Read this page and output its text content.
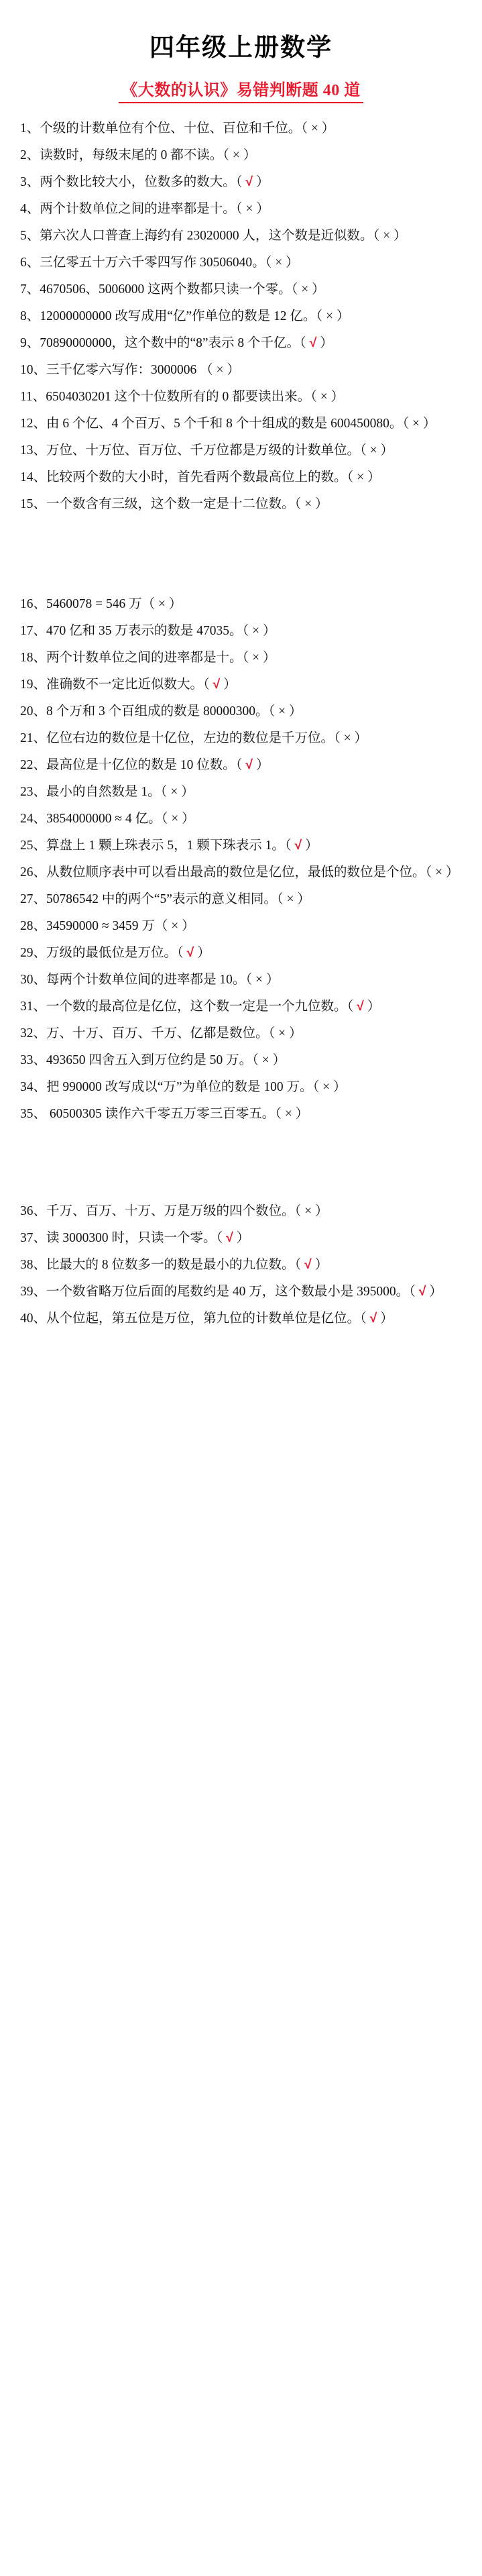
四年级上册数学
《大数的认识》易错判断题 40 道

1、个级的计数单位有个位、十位、百位和千位。（ × ）

2、读数时，每级末尾的 0 都不读。（ × ）

3、两个数比较大小，位数多的数大。（ √ ）

4、两个计数单位之间的进率都是十。（ × ）

5、第六次人口普查上海约有 23020000 人，这个数是近似数。（ × ）

6、三亿零五十万六千零四写作 30506040。（ × ）

7、4670506、5006000 这两个数都只读一个零。（ × ）

8、12000000000 改写成用“亿”作单位的数是 12 亿。（ × ）

9、70890000000，这个数中的“8”表示 8 个千亿。（ √ ）

10、三千亿零六写作：3000006 （ × ）

11、6504030201 这个十位数所有的 0 都要读出来。（ × ）

12、由 6 个亿、4 个百万、5 个千和 8 个十组成的数是 600450080。（ × ）

13、万位、十万位、百万位、千万位都是万级的计数单位。（ × ）

14、比较两个数的大小时，首先看两个数最高位上的数。（ × ）

15、一个数含有三级，这个数一定是十二位数。（ × ）

16、5460078 = 546 万（ × ）

17、470 亿和 35 万表示的数是 47035。（ × ）

18、两个计数单位之间的进率都是十。（ × ）

19、准确数不一定比近似数大。（ √ ）

20、8 个万和 3 个百组成的数是 80000300。（ × ）

21、亿位右边的数位是十亿位，左边的数位是千万位。（ × ）

22、最高位是十亿位的数是 10 位数。（ √ ）

23、最小的自然数是 1。（ × ）

24、3854000000 ≈ 4 亿。（ × ）

25、算盘上 1 颗上珠表示 5，1 颗下珠表示 1。（ √ ）

26、从数位顺序表中可以看出最高的数位是亿位，最低的数位是个位。（ × ）

27、50786542 中的两个“5”表示的意义相同。（ × ）

28、34590000 ≈ 3459 万（ × ）

29、万级的最低位是万位。（ √ ）

30、每两个计数单位间的进率都是 10。（ × ）

31、一个数的最高位是亿位，这个数一定是一个九位数。（ √ ）

32、万、十万、百万、千万、亿都是数位。（ × ）

33、493650 四舍五入到万位约是 50 万。（ × ）

34、把 990000 改写成以“万”为单位的数是 100 万。（ × ）

35、 60500305 读作六千零五万零三百零五。（ × ）

36、千万、百万、十万、万是万级的四个数位。（ × ）

37、读 3000300 时，只读一个零。（ √ ）

38、比最大的 8 位数多一的数是最小的九位数。（ √ ）

39、一个数省略万位后面的尾数约是 40 万，这个数最小是 395000。（ √ ）

40、从个位起，第五位是万位，第九位的计数单位是亿位。（ √ ）
